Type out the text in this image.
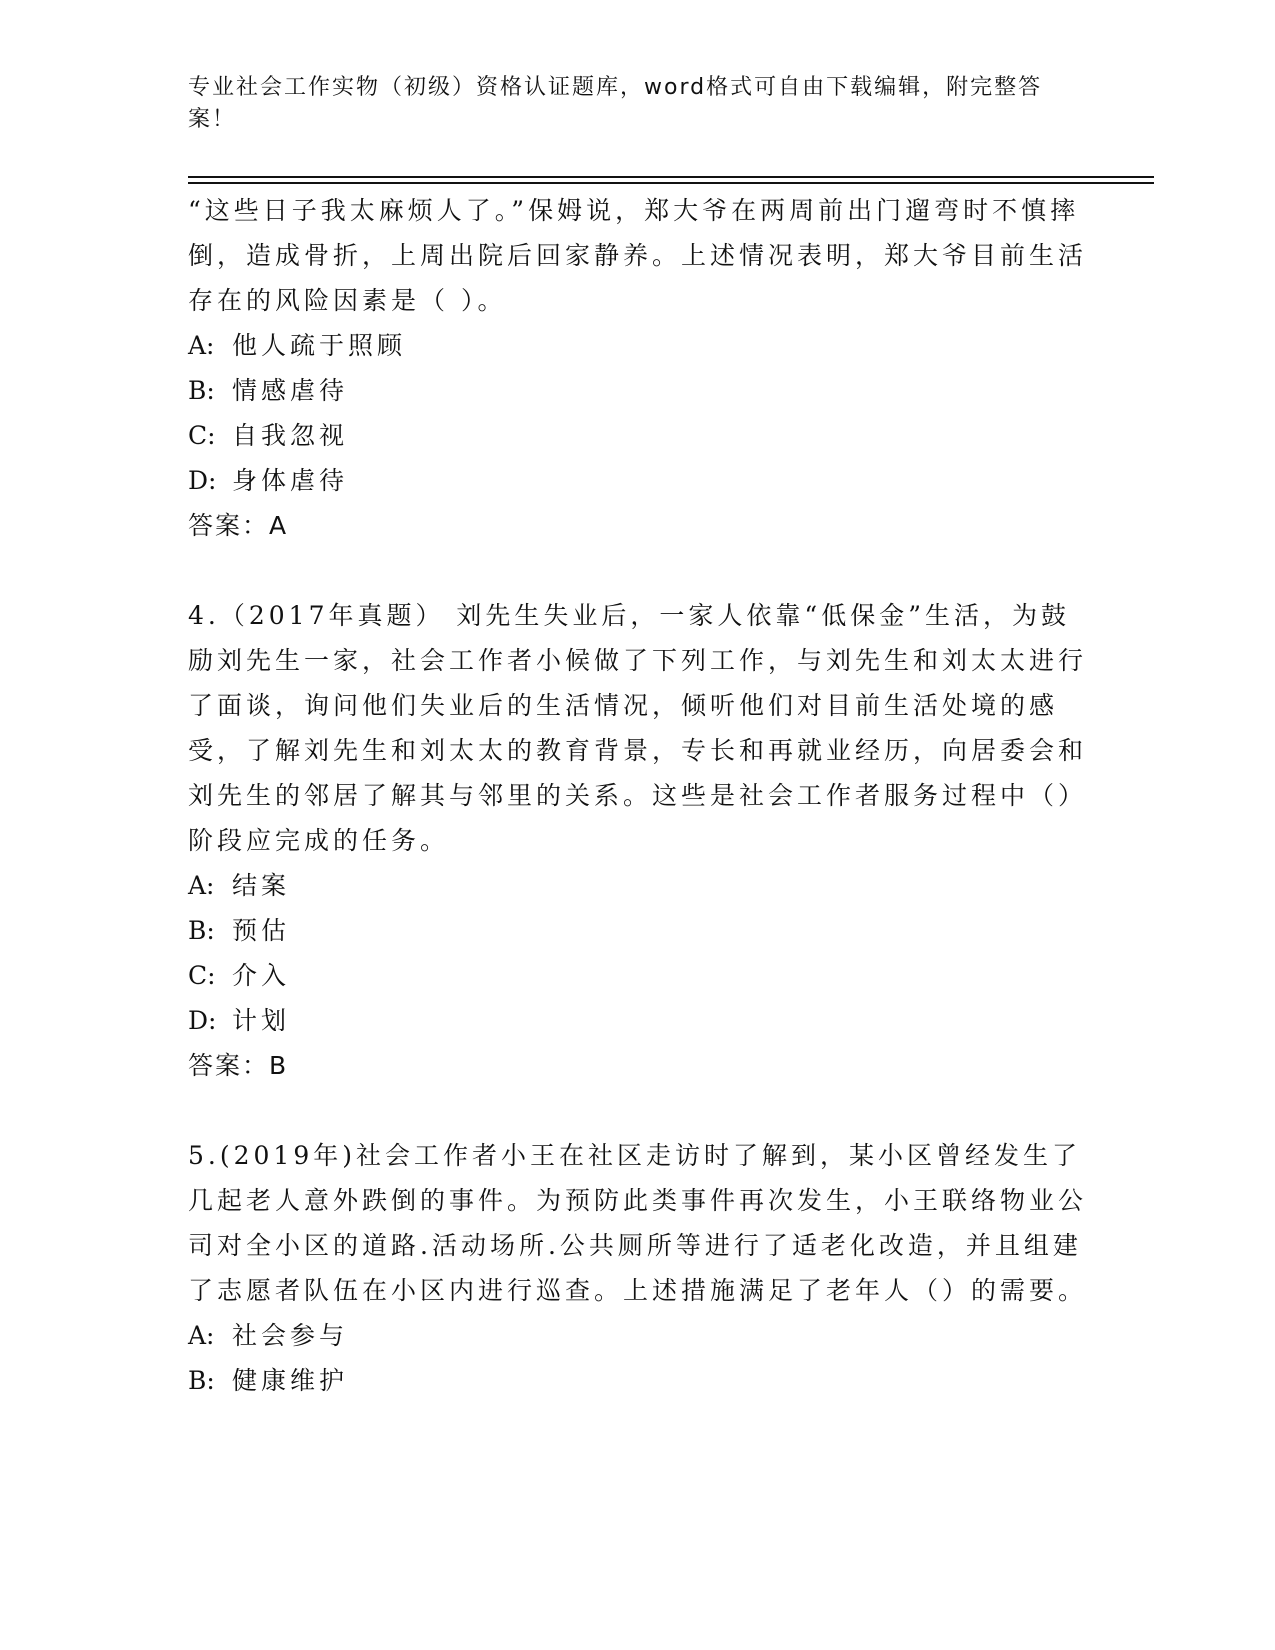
专业社会工作实物（初级）资格认证题库，word格式可自由下载编辑，附完整答案！

“这些日子我太麻烦人了。”保姆说，郑大爷在两周前出门遛弯时不慎摔倒，造成骨折，上周出院后回家静养。上述情况表明，郑大爷目前生活存在的风险因素是（ ）。

A: 他人疏于照顾

B: 情感虐待

C: 自我忽视

D: 身体虐待

答案：A

4.（2017年真题） 刘先生失业后，一家人依靠“低保金”生活，为鼓励刘先生一家，社会工作者小候做了下列工作，与刘先生和刘太太进行了面谈，询问他们失业后的生活情况，倾听他们对目前生活处境的感受，了解刘先生和刘太太的教育背景，专长和再就业经历，向居委会和刘先生的邻居了解其与邻里的关系。这些是社会工作者服务过程中（）阶段应完成的任务。

A: 结案

B: 预估

C: 介入

D: 计划

答案：B

5.(2019年)社会工作者小王在社区走访时了解到，某小区曾经发生了几起老人意外跌倒的事件。为预防此类事件再次发生，小王联络物业公司对全小区的道路.活动场所.公共厕所等进行了适老化改造，并且组建了志愿者队伍在小区内进行巡查。上述措施满足了老年人（）的需要。

A: 社会参与

B: 健康维护
